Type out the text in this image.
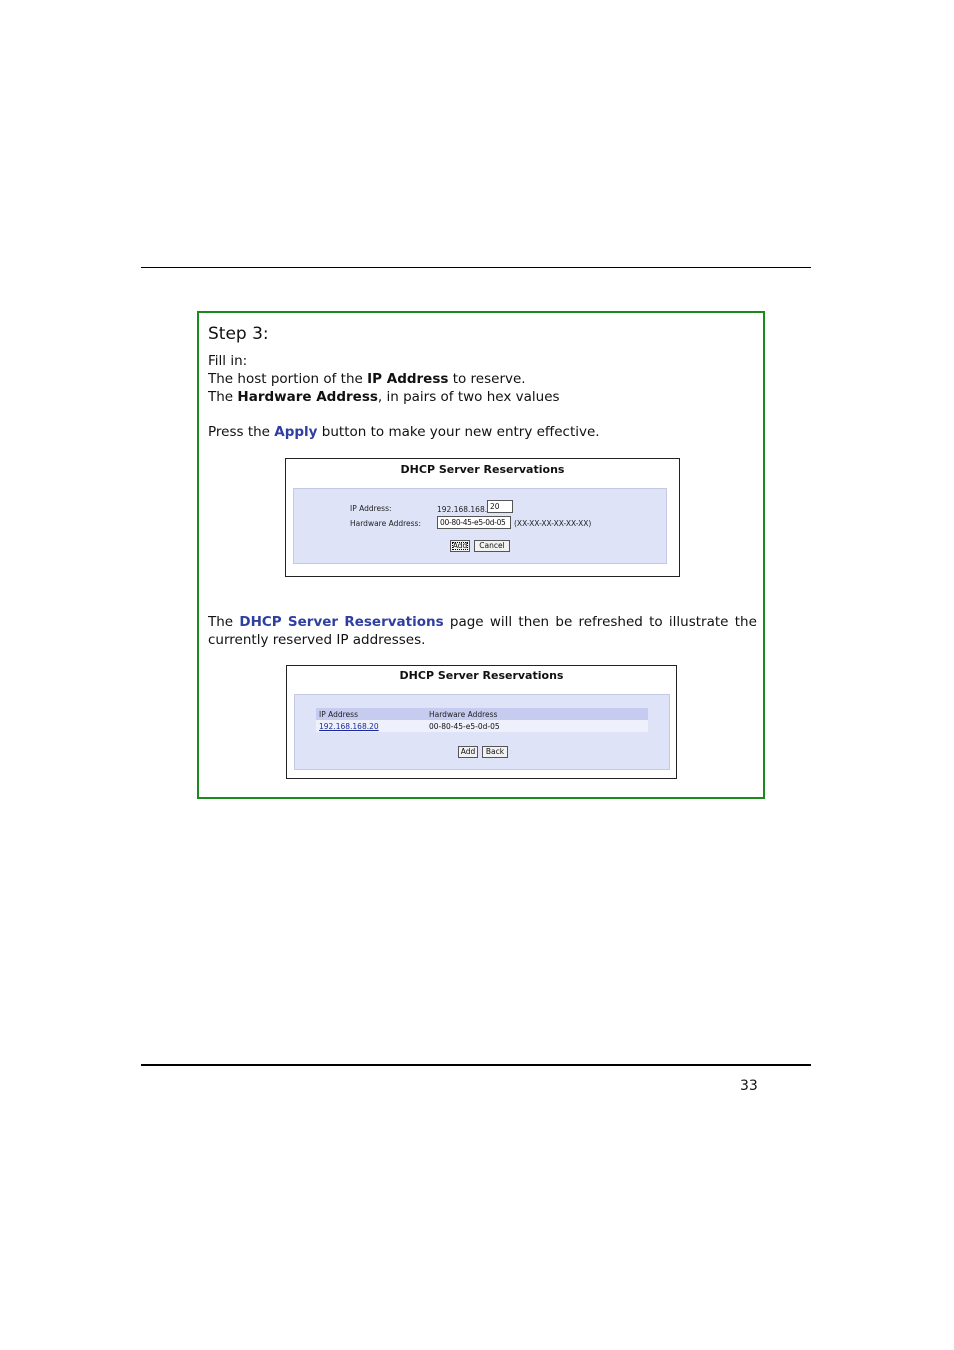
Step 3:
Fill in:
The host portion of the IP Address to reserve.
The Hardware Address, in pairs of two hex values
Press the Apply button to make your new entry effective.
DHCP Server Reservations
IP Address:	192.168.168. 20
Hardware Address:	00-80-45-e5-0d-05	(XX-XX-XX-XX-XX-XX)
Add	Cancel
The DHCP Server Reservations page will then be refreshed to illustrate the
currently reserved IP addresses.
DHCP Server Reservations
IP Address	Hardware Address
192.168.168.20	00-80-45-e5-0d-05
Add	Back
33
